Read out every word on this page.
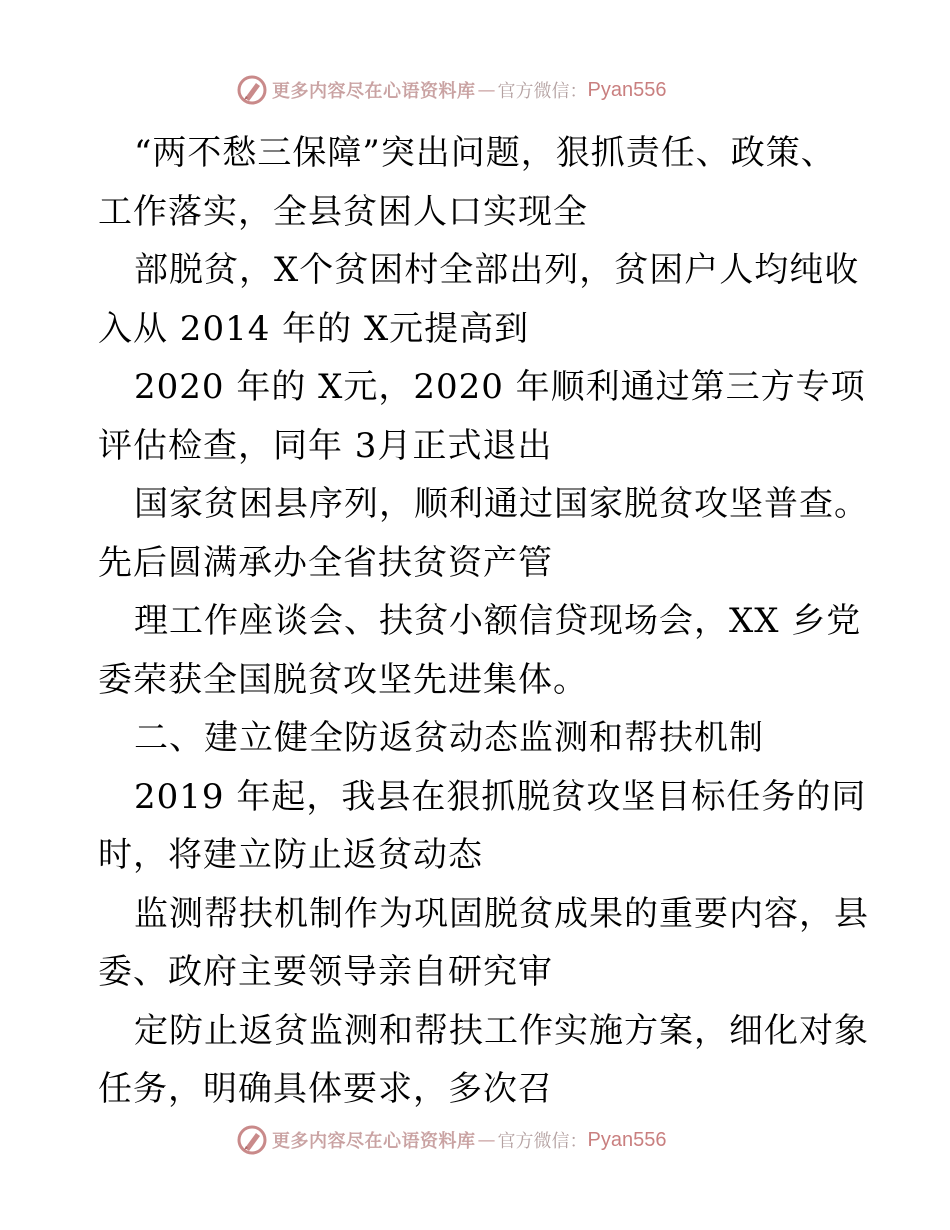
更多内容尽在心语资料库 — 官方微信： Pyan556
“两不愁三保障”突出问题，狠抓责任、政策、
工作落实，全县贫困人口实现全
部脱贫，X个贫困村全部出列，贫困户人均纯收
入从 2014 年的 X元提高到
2020 年的 X元，2020 年顺利通过第三方专项
评估检查，同年 3月正式退出
国家贫困县序列，顺利通过国家脱贫攻坚普查。
先后圆满承办全省扶贫资产管
理工作座谈会、扶贫小额信贷现场会，XX 乡党
委荣获全国脱贫攻坚先进集体。
二、建立健全防返贫动态监测和帮扶机制
2019 年起，我县在狠抓脱贫攻坚目标任务的同
时，将建立防止返贫动态
监测帮扶机制作为巩固脱贫成果的重要内容，县
委、政府主要领导亲自研究审
定防止返贫监测和帮扶工作实施方案，细化对象
任务，明确具体要求，多次召
更多内容尽在心语资料库 — 官方微信： Pyan556
